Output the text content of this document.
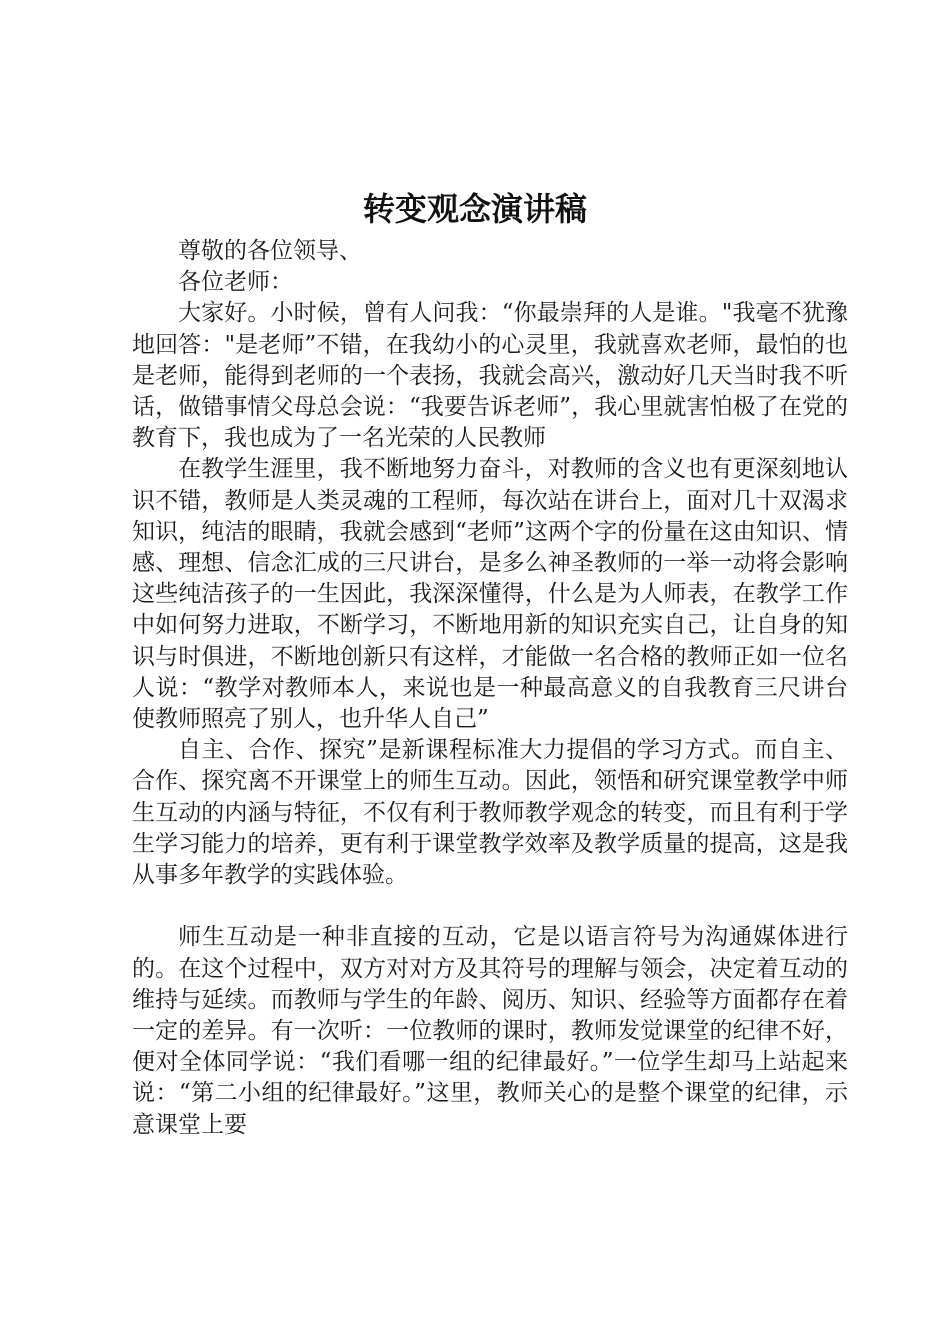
转变观念演讲稿

尊敬的各位领导、

各位老师：

大家好。小时候，曾有人问我：“你最崇拜的人是谁。"我毫不犹豫地回答："是老师”不错，在我幼小的心灵里，我就喜欢老师，最怕的也是老师，能得到老师的一个表扬，我就会高兴，激动好几天当时我不听话，做错事情父母总会说：“我要告诉老师”，我心里就害怕极了在党的教育下，我也成为了一名光荣的人民教师

在教学生涯里，我不断地努力奋斗，对教师的含义也有更深刻地认识不错，教师是人类灵魂的工程师，每次站在讲台上，面对几十双渴求知识，纯洁的眼睛，我就会感到“老师”这两个字的份量在这由知识、情感、理想、信念汇成的三尺讲台，是多么神圣教师的一举一动将会影响这些纯洁孩子的一生因此，我深深懂得，什么是为人师表，在教学工作中如何努力进取，不断学习，不断地用新的知识充实自己，让自身的知识与时俱进，不断地创新只有这样，才能做一名合格的教师正如一位名人说：“教学对教师本人，来说也是一种最高意义的自我教育三尺讲台使教师照亮了别人，也升华人自己”

自主、合作、探究”是新课程标准大力提倡的学习方式。而自主、合作、探究离不开课堂上的师生互动。因此，领悟和研究课堂教学中师生互动的内涵与特征，不仅有利于教师教学观念的转变，而且有利于学生学习能力的培养，更有利于课堂教学效率及教学质量的提高，这是我从事多年教学的实践体验。

师生互动是一种非直接的互动，它是以语言符号为沟通媒体进行的。在这个过程中，双方对对方及其符号的理解与领会，决定着互动的维持与延续。而教师与学生的年龄、阅历、知识、经验等方面都存在着一定的差异。有一次听：一位教师的课时，教师发觉课堂的纪律不好，便对全体同学说：“我们看哪一组的纪律最好。”一位学生却马上站起来说：“第二小组的纪律最好。”这里，教师关心的是整个课堂的纪律，示意课堂上要
